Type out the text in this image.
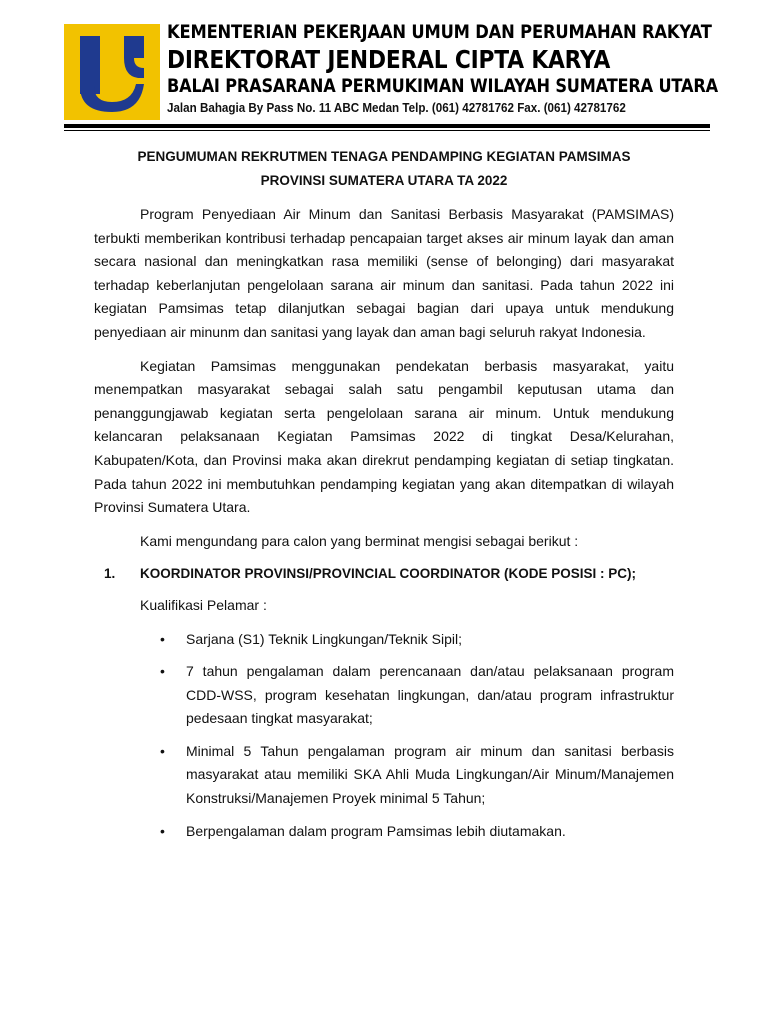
KEMENTERIAN PEKERJAAN UMUM DAN PERUMAHAN RAKYAT
DIREKTORAT JENDERAL CIPTA KARYA
BALAI PRASARANA PERMUKIMAN WILAYAH SUMATERA UTARA
Jalan Bahagia By Pass No. 11 ABC Medan Telp. (061) 42781762 Fax. (061) 42781762
PENGUMUMAN REKRUTMEN TENAGA PENDAMPING KEGIATAN PAMSIMAS
PROVINSI SUMATERA UTARA TA 2022

Program Penyediaan Air Minum dan Sanitasi Berbasis Masyarakat (PAMSIMAS) terbukti memberikan kontribusi terhadap pencapaian target akses air minum layak dan aman secara nasional dan meningkatkan rasa memiliki (sense of belonging) dari masyarakat terhadap keberlanjutan pengelolaan sarana air minum dan sanitasi. Pada tahun 2022 ini kegiatan Pamsimas tetap dilanjutkan sebagai bagian dari upaya untuk mendukung penyediaan air minunm dan sanitasi yang layak dan aman bagi seluruh rakyat Indonesia.

Kegiatan Pamsimas menggunakan pendekatan berbasis masyarakat, yaitu menempatkan masyarakat sebagai salah satu pengambil keputusan utama dan penanggungjawab kegiatan serta pengelolaan sarana air minum. Untuk mendukung kelancaran pelaksanaan Kegiatan Pamsimas 2022 di tingkat Desa/Kelurahan, Kabupaten/Kota, dan Provinsi maka akan direkrut pendamping kegiatan di setiap tingkatan. Pada tahun 2022 ini membutuhkan pendamping kegiatan yang akan ditempatkan di wilayah Provinsi Sumatera Utara.

Kami mengundang para calon yang berminat mengisi sebagai berikut :

1.	KOORDINATOR PROVINSI/PROVINCIAL COORDINATOR (KODE POSISI : PC);
Kualifikasi Pelamar :
• Sarjana (S1) Teknik Lingkungan/Teknik Sipil;
• 7 tahun pengalaman dalam perencanaan dan/atau pelaksanaan program CDD-WSS, program kesehatan lingkungan, dan/atau program infrastruktur pedesaan tingkat masyarakat;
• Minimal 5 Tahun pengalaman program air minum dan sanitasi berbasis masyarakat atau memiliki SKA Ahli Muda Lingkungan/Air Minum/Manajemen Konstruksi/Manajemen Proyek minimal 5 Tahun;
• Berpengalaman dalam program Pamsimas lebih diutamakan.
